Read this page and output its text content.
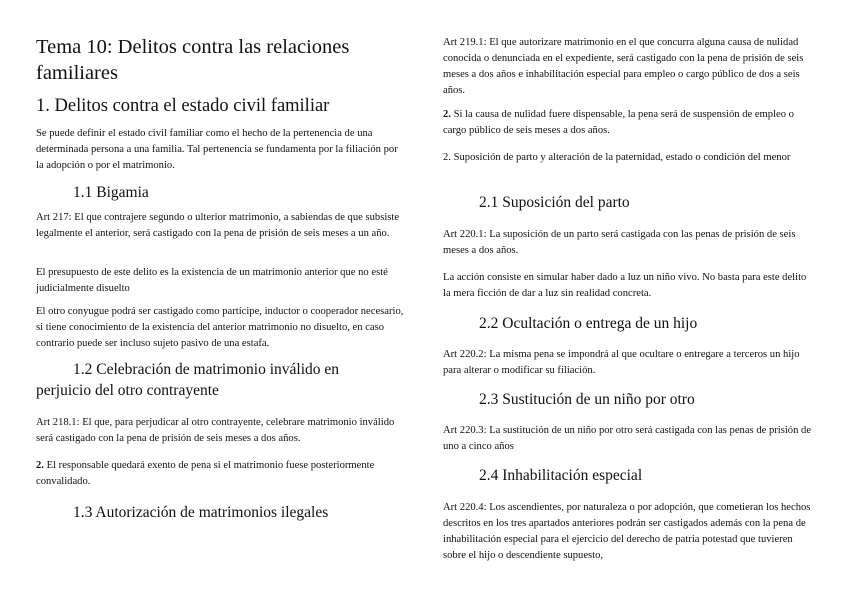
Tema 10: Delitos contra las relaciones familiares
1. Delitos contra el estado civil familiar

Se puede definir el estado civil familiar como el hecho de la pertenencia de una determinada persona a una familia. Tal pertenencia se fundamenta por la filiación por la adopción o por el matrimonio.

1.1 Bigamia

Art 217: El que contrajere segundo o ulterior matrimonio, a sabiendas de que subsiste legalmente el anterior, será castigado con la pena de prisión de seis meses a un año.

El presupuesto de este delito es la existencia de un matrimonio anterior que no esté judicialmente disuelto

El otro conyugue podrá ser castigado como partícipe, inductor o cooperador necesario, si tiene conocimiento de la existencia del anterior matrimonio no disuelto, en caso contrario puede ser incluso sujeto pasivo de una estafa.

1.2 Celebración de matrimonio inválido en
perjuicio del otro contrayente

Art 218.1: El que, para perjudicar al otro contrayente, celebrare matrimonio inválido será castigado con la pena de prisión de seis meses a dos años.

2. El responsable quedará exento de pena si el matrimonio fuese posteriormente convalidado.

1.3 Autorización de matrimonios ilegales

Art 219.1: El que autorizare matrimonio en el que concurra alguna causa de nulidad conocida o denunciada en el expediente, será castigado con la pena de prisión de seis meses a dos años e inhabilitación especial para empleo o cargo público de dos a seis años.

2. Si la causa de nulidad fuere dispensable, la pena será de suspensión de empleo o cargo público de seis meses a dos años.

2. Suposición de parto y alteración de la paternidad, estado o condición del menor

2.1 Suposición del parto

Art 220.1: La suposición de un parto será castigada con las penas de prisión de seis meses a dos años.

La acción consiste en simular haber dado a luz un niño vivo. No basta para este delito la mera ficción de dar a luz sin realidad concreta.

2.2 Ocultación o entrega de un hijo

Art 220.2: La misma pena se impondrá al que ocultare o entregare a terceros un hijo para alterar o modificar su filiación.

2.3 Sustitución de un niño por otro

Art 220.3: La sustitución de un niño por otro será castigada con las penas de prisión de uno a cinco años

2.4 Inhabilitación especial

Art 220.4: Los ascendientes, por naturaleza o por adopción, que cometieran los hechos descritos en los tres apartados anteriores podrán ser castigados además con la pena de inhabilitación especial para el ejercicio del derecho de patria potestad que tuvieren sobre el hijo o descendiente supuesto,
